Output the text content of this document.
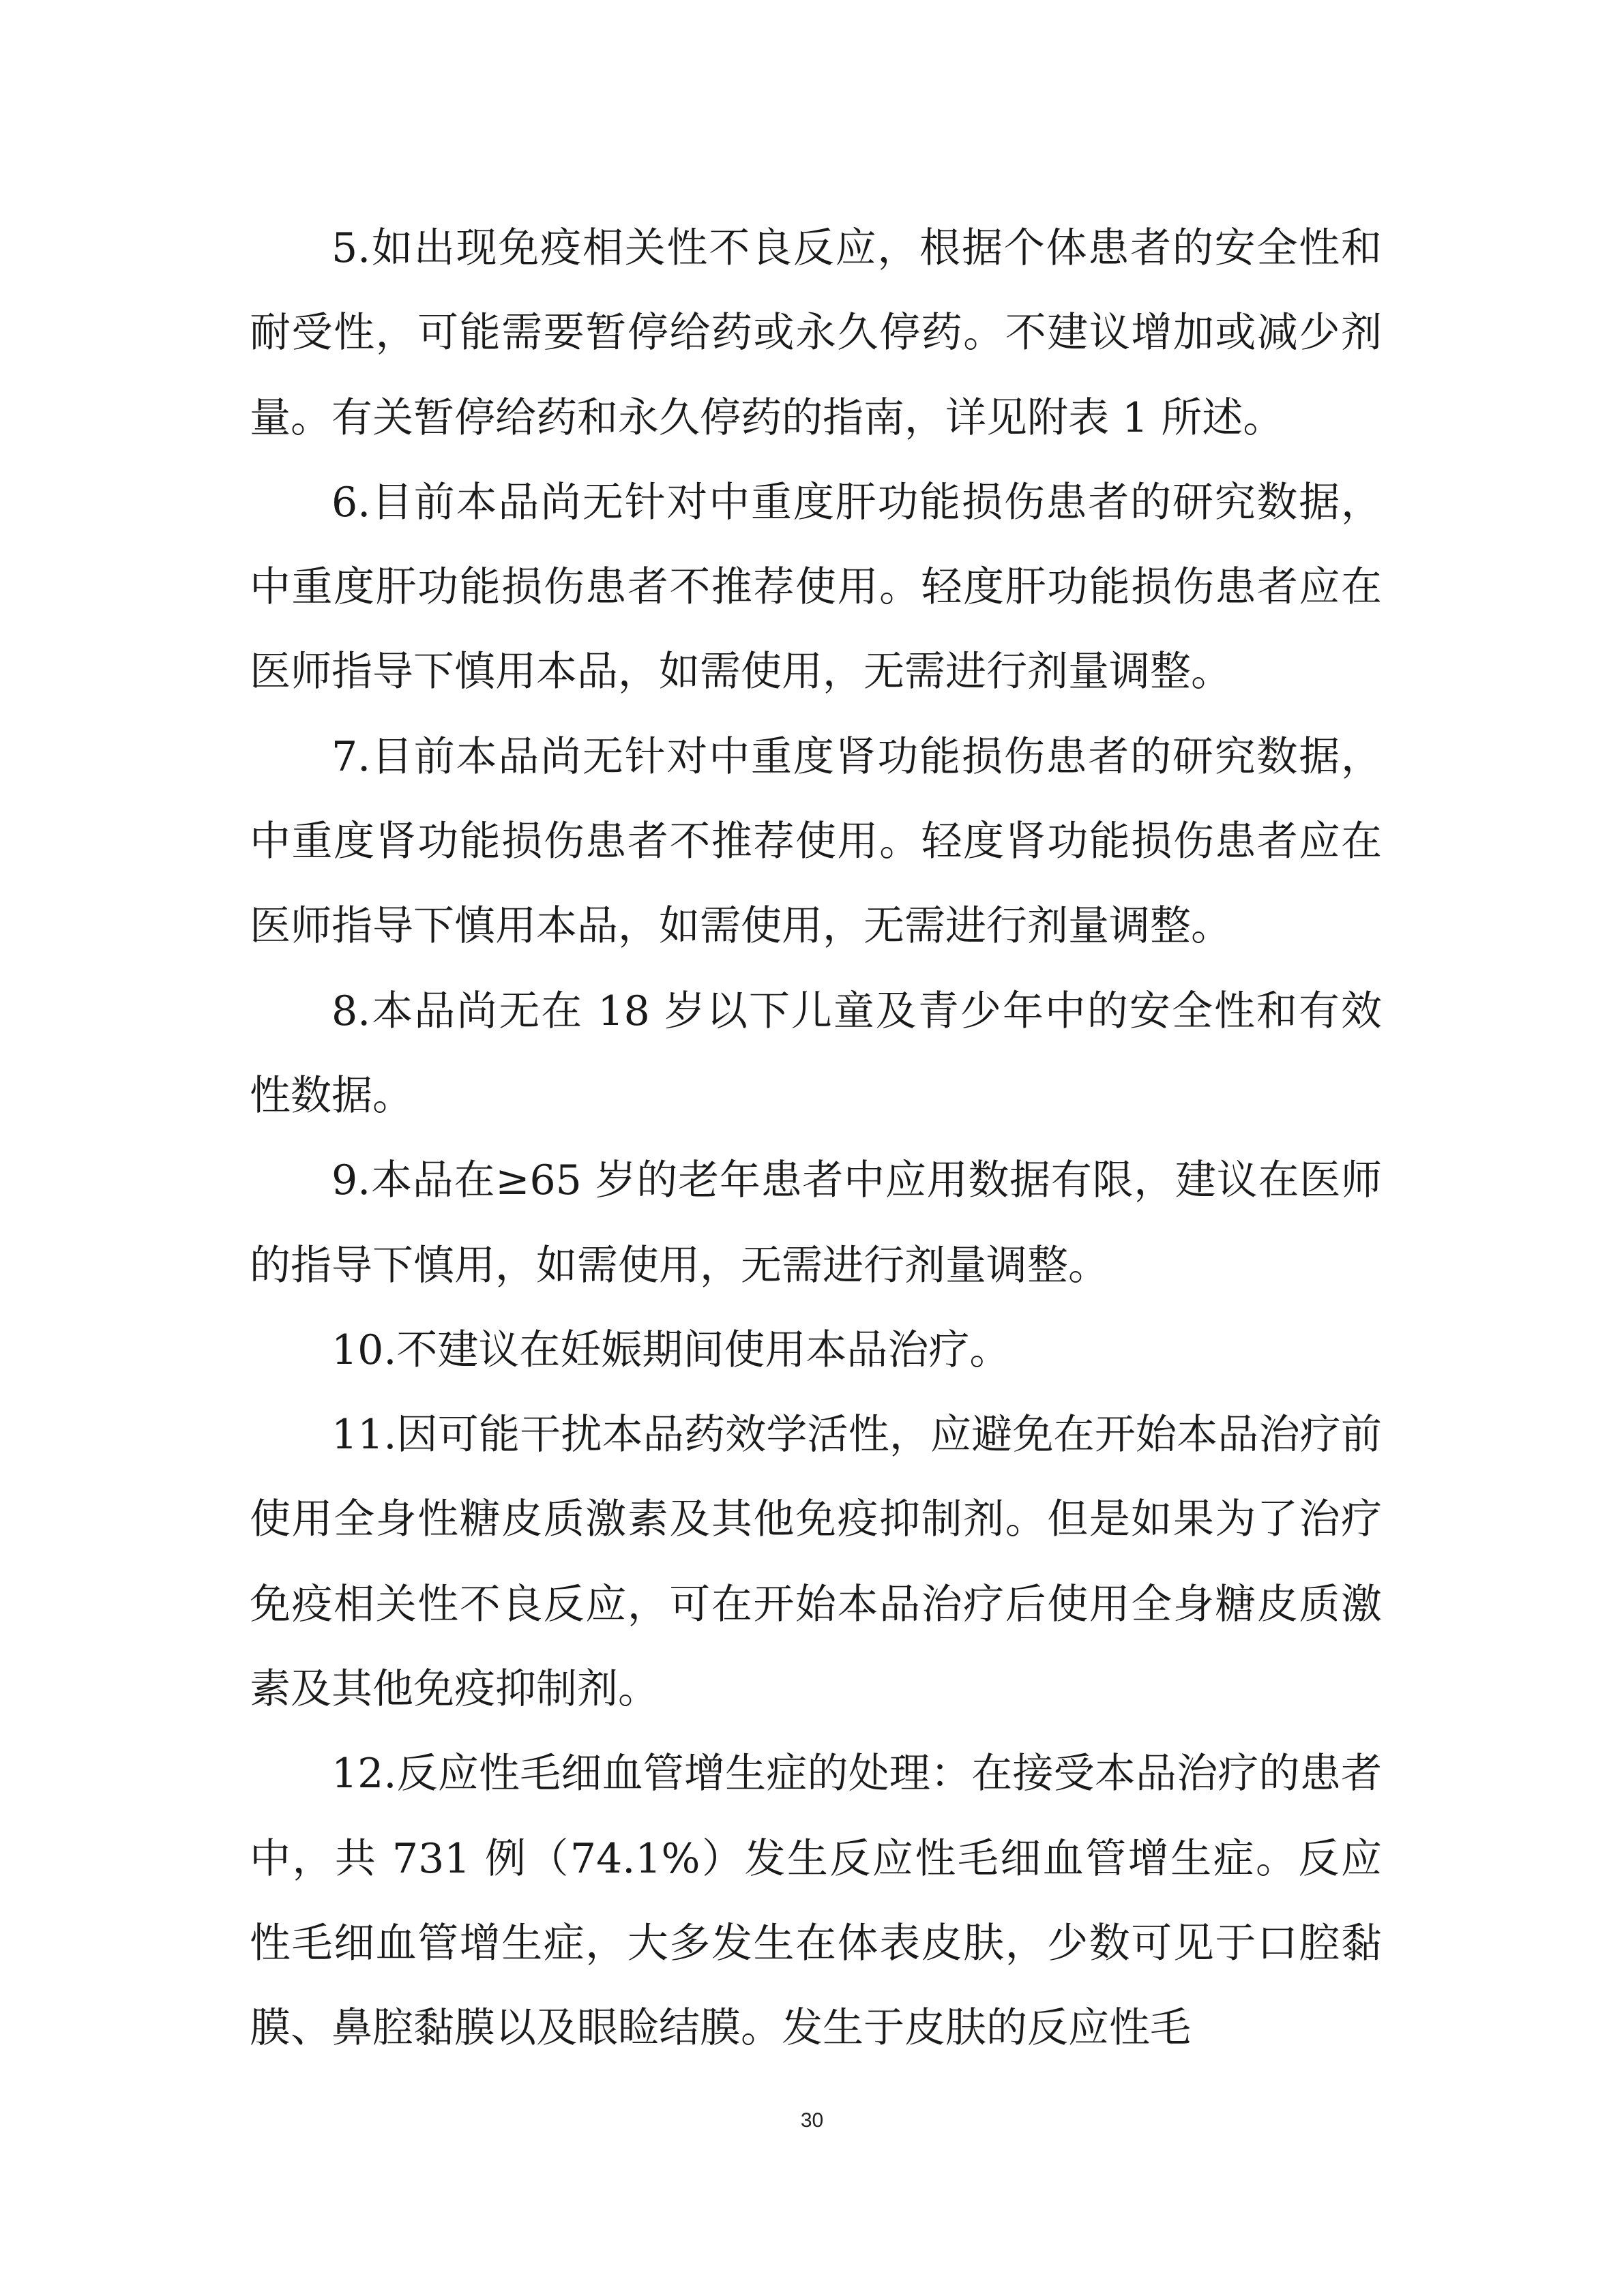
5.如出现免疫相关性不良反应，根据个体患者的安全性和耐受性，可能需要暂停给药或永久停药。不建议增加或减少剂量。有关暂停给药和永久停药的指南，详见附表 1 所述。

6.目前本品尚无针对中重度肝功能损伤患者的研究数据，中重度肝功能损伤患者不推荐使用。轻度肝功能损伤患者应在医师指导下慎用本品，如需使用，无需进行剂量调整。

7.目前本品尚无针对中重度肾功能损伤患者的研究数据，中重度肾功能损伤患者不推荐使用。轻度肾功能损伤患者应在医师指导下慎用本品，如需使用，无需进行剂量调整。

8.本品尚无在 18 岁以下儿童及青少年中的安全性和有效性数据。

9.本品在≥65 岁的老年患者中应用数据有限，建议在医师的指导下慎用，如需使用，无需进行剂量调整。

10.不建议在妊娠期间使用本品治疗。

11.因可能干扰本品药效学活性，应避免在开始本品治疗前使用全身性糖皮质激素及其他免疫抑制剂。但是如果为了治疗免疫相关性不良反应，可在开始本品治疗后使用全身糖皮质激素及其他免疫抑制剂。

12.反应性毛细血管增生症的处理：在接受本品治疗的患者中，共 731 例（74.1%）发生反应性毛细血管增生症。反应性毛细血管增生症，大多发生在体表皮肤，少数可见于口腔黏膜、鼻腔黏膜以及眼睑结膜。发生于皮肤的反应性毛

30
